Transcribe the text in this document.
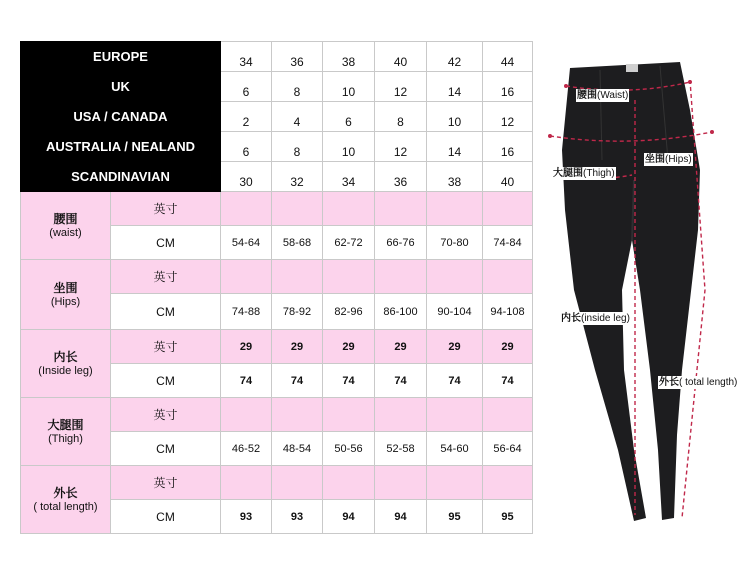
EUROPE		34	36	38	40	42	44
UK		6	8	10	12	14	16
USA / CANADA		2	4	6	8	10	12
AUSTRALIA / NEALAND		6	8	10	12	14	16
SCANDINAVIAN		30	32	34	36	38	40

腰围
(waist)	英寸						
	CM	54-64	58-68	62-72	66-76	70-80	74-84

坐围
(Hips)	英寸						
	CM	74-88	78-92	82-96	86-100	90-104	94-108

内长
(Inside leg)	英寸	29	29	29	29	29	29
	CM	74	74	74	74	74	74

大腿围
(Thigh)	英寸						
	CM	46-52	48-54	50-56	52-58	54-60	56-64

外长
( total length)	英寸						
	CM	93	93	94	94	95	95
腰围(Waist)
坐围(Hips)
大腿围(Thigh)
内长(inside leg)
外长( total length)
